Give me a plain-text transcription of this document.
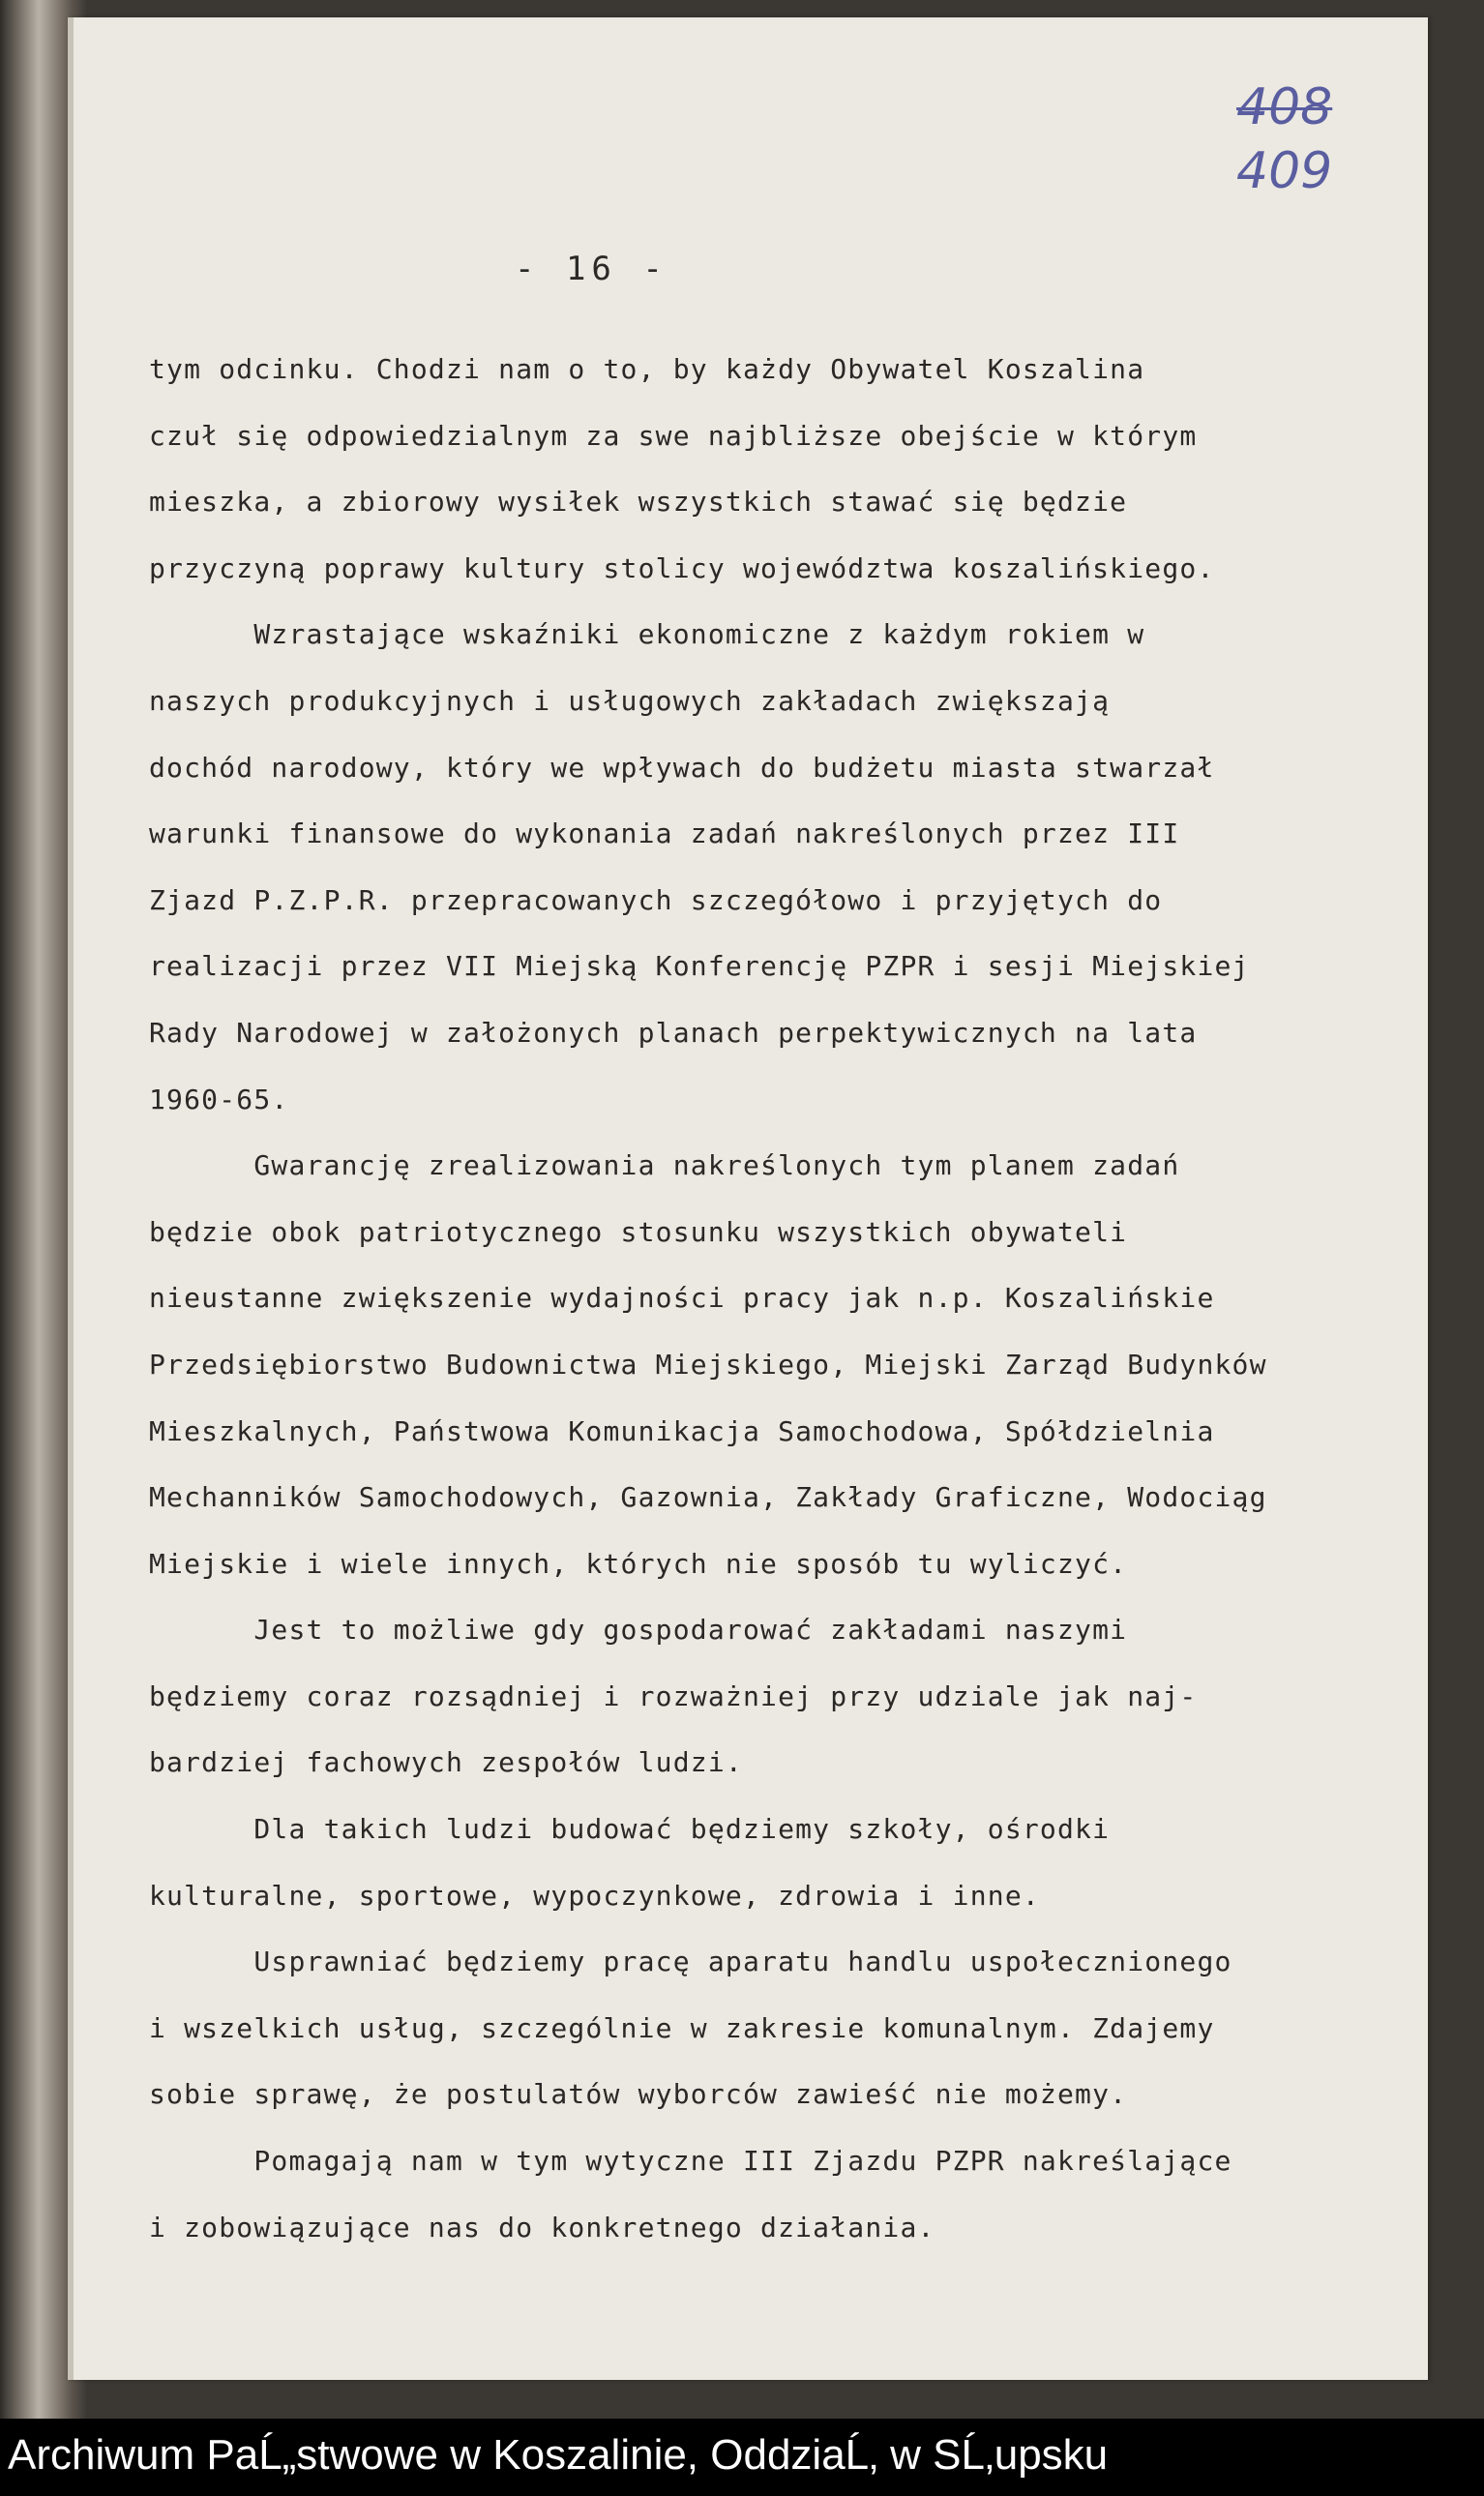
408
409
- 16 -
tym odcinku. Chodzi nam o to, by każdy Obywatel Koszalina
czuł się odpowiedzialnym za swe najbliższe obejście w którym
mieszka, a zbiorowy wysiłek wszystkich stawać się będzie
przyczyną poprawy kultury stolicy województwa koszalińskiego.
Wzrastające wskaźniki ekonomiczne z każdym rokiem w
naszych produkcyjnych i usługowych zakładach zwiększają
dochód narodowy, który we wpływach do budżetu miasta stwarzał
warunki finansowe do wykonania zadań nakreślonych przez III
Zjazd P.Z.P.R. przepracowanych szczegółowo i przyjętych do
realizacji przez VII Miejską Konferencję PZPR i sesji Miejskiej
Rady Narodowej w założonych planach perpektywicznych na lata
1960-65.
Gwarancję zrealizowania nakreślonych tym planem zadań
będzie obok patriotycznego stosunku wszystkich obywateli
nieustanne zwiększenie wydajności pracy jak n.p. Koszalińskie
Przedsiębiorstwo Budownictwa Miejskiego, Miejski Zarząd Budynków
Mieszkalnych, Państwowa Komunikacja Samochodowa, Spółdzielnia
Mechanników Samochodowych, Gazownia, Zakłady Graficzne, Wodociąg
Miejskie i wiele innych, których nie sposób tu wyliczyć.
Jest to możliwe gdy gospodarować zakładami naszymi
będziemy coraz rozsądniej i rozważniej przy udziale jak naj-
bardziej fachowych zespołów ludzi.
Dla takich ludzi budować będziemy szkoły, ośrodki
kulturalne, sportowe, wypoczynkowe, zdrowia i inne.
Usprawniać będziemy pracę aparatu handlu uspołecznionego
i wszelkich usług, szczególnie w zakresie komunalnym. Zdajemy
sobie sprawę, że postulatów wyborców zawieść nie możemy.
Pomagają nam w tym wytyczne III Zjazdu PZPR nakreślające
i zobowiązujące nas do konkretnego działania.
Archiwum PaĹ„stwowe w Koszalinie, OddziaĹ‚ w SĹ‚upsku
